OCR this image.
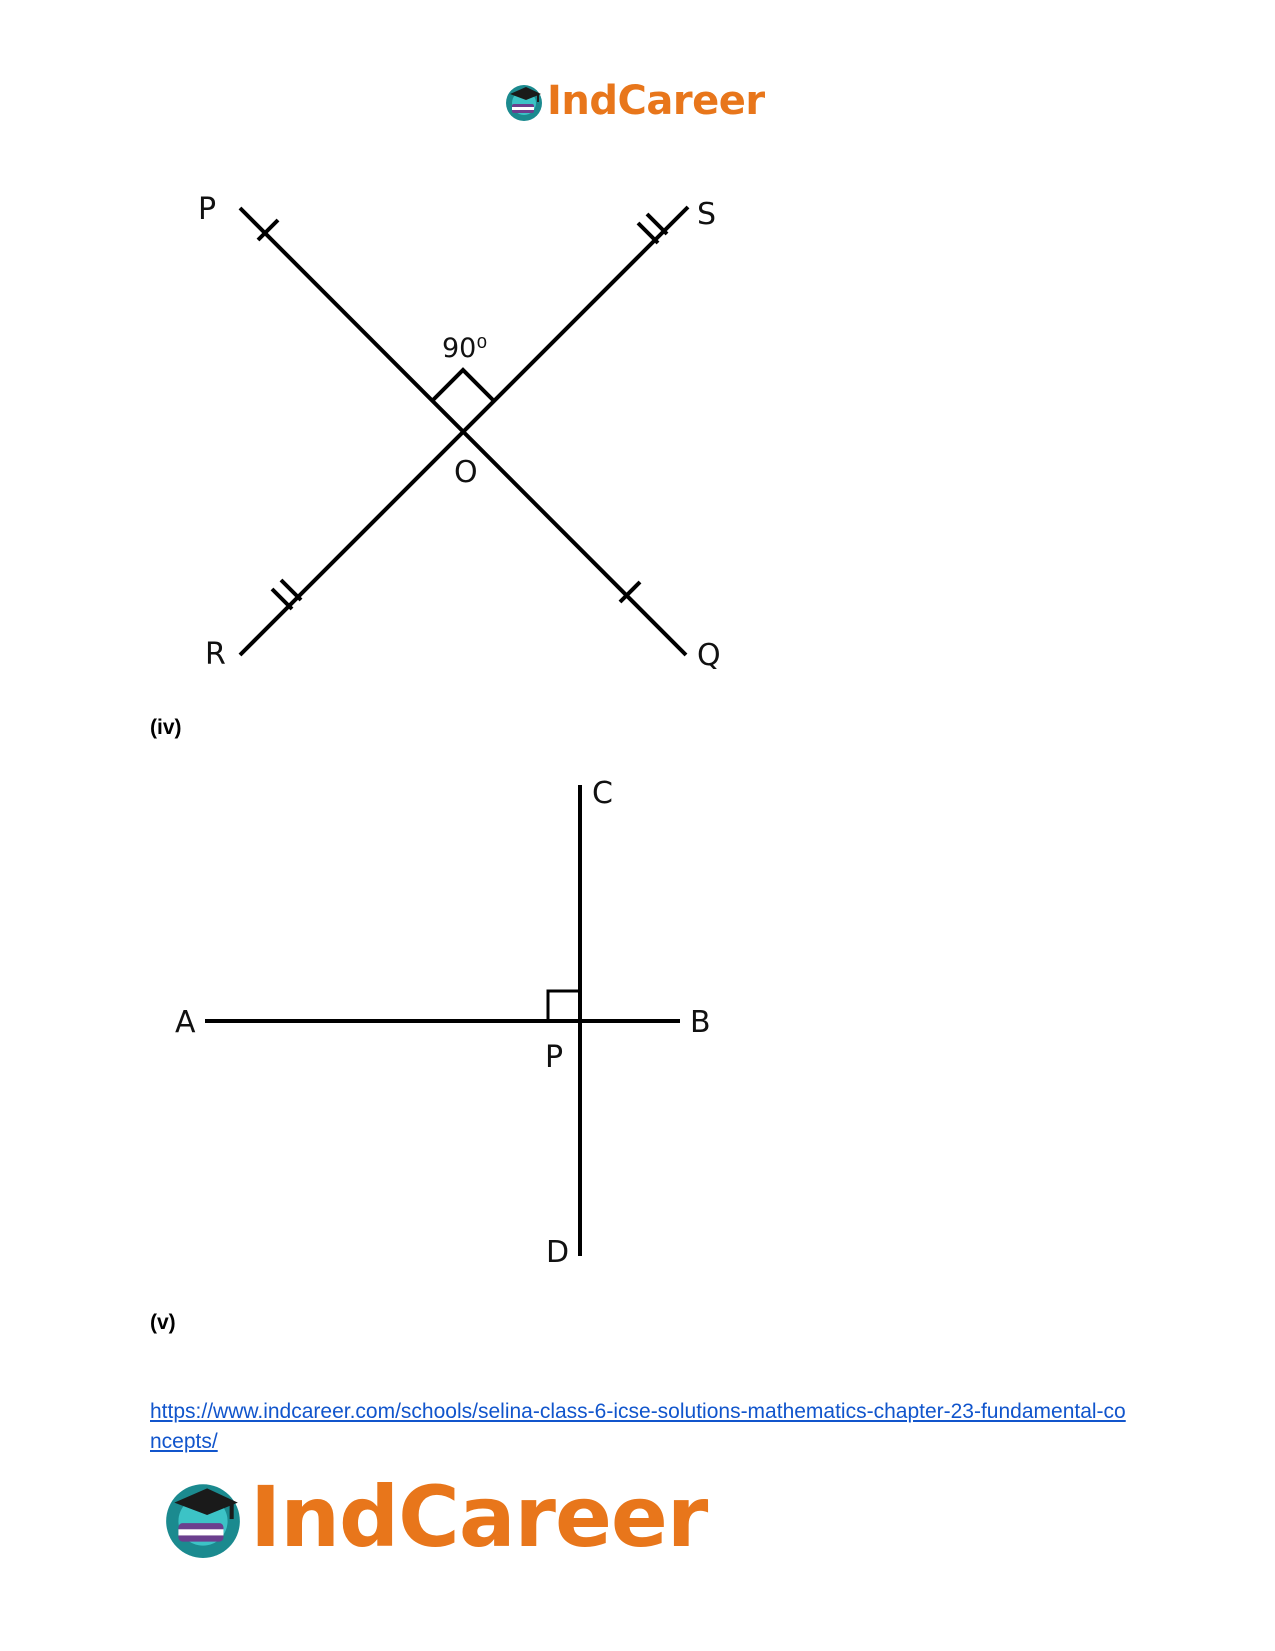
IndCareer
P	S
R	Q
O
90⁰
(iv)
A	B
C
D
P
(v)
https://www.indcareer.com/schools/selina-class-6-icse-solutions-mathematics-chapter-23-fundamental-concepts/
IndCareer
